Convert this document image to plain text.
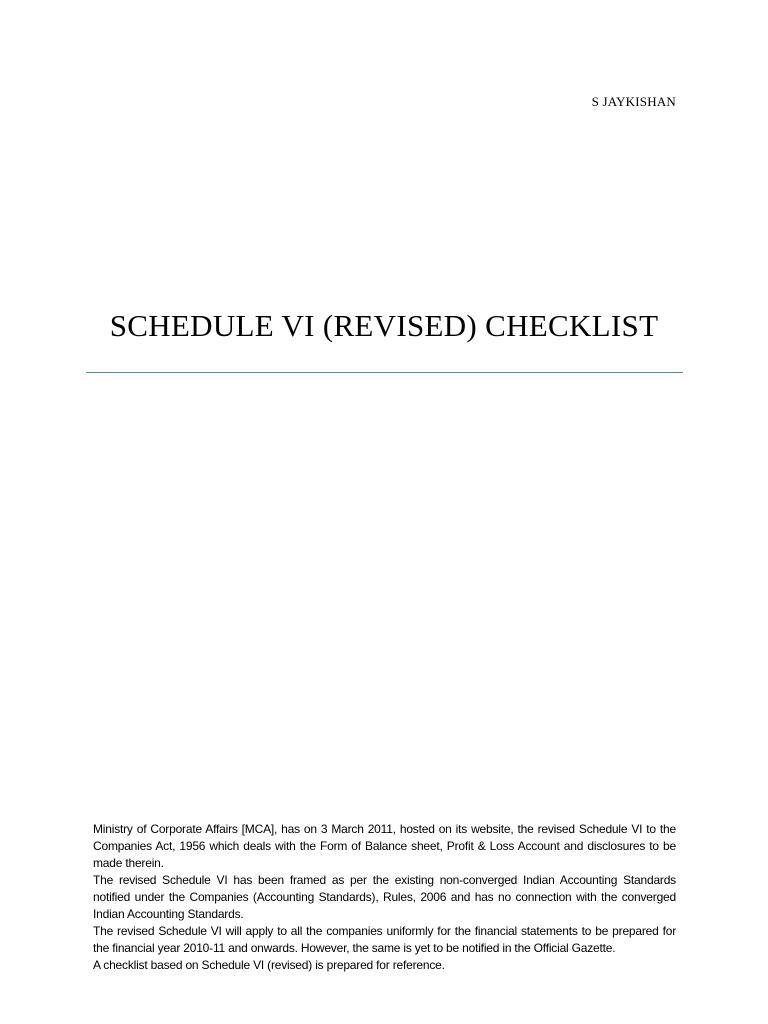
S JAYKISHAN
SCHEDULE VI (REVISED) CHECKLIST

Ministry of Corporate Affairs [MCA], has on 3 March 2011, hosted on its website, the revised Schedule VI to the Companies Act, 1956 which deals with the Form of Balance sheet, Profit & Loss Account and disclosures to be made therein.

The revised Schedule VI has been framed as per the existing non-converged Indian Accounting Standards notified under the Companies (Accounting Standards), Rules, 2006 and has no connection with the converged Indian Accounting Standards.

The revised Schedule VI will apply to all the companies uniformly for the financial statements to be prepared for the financial year 2010-11 and onwards. However, the same is yet to be notified in the Official Gazette.

A checklist based on Schedule VI (revised) is prepared for reference.
